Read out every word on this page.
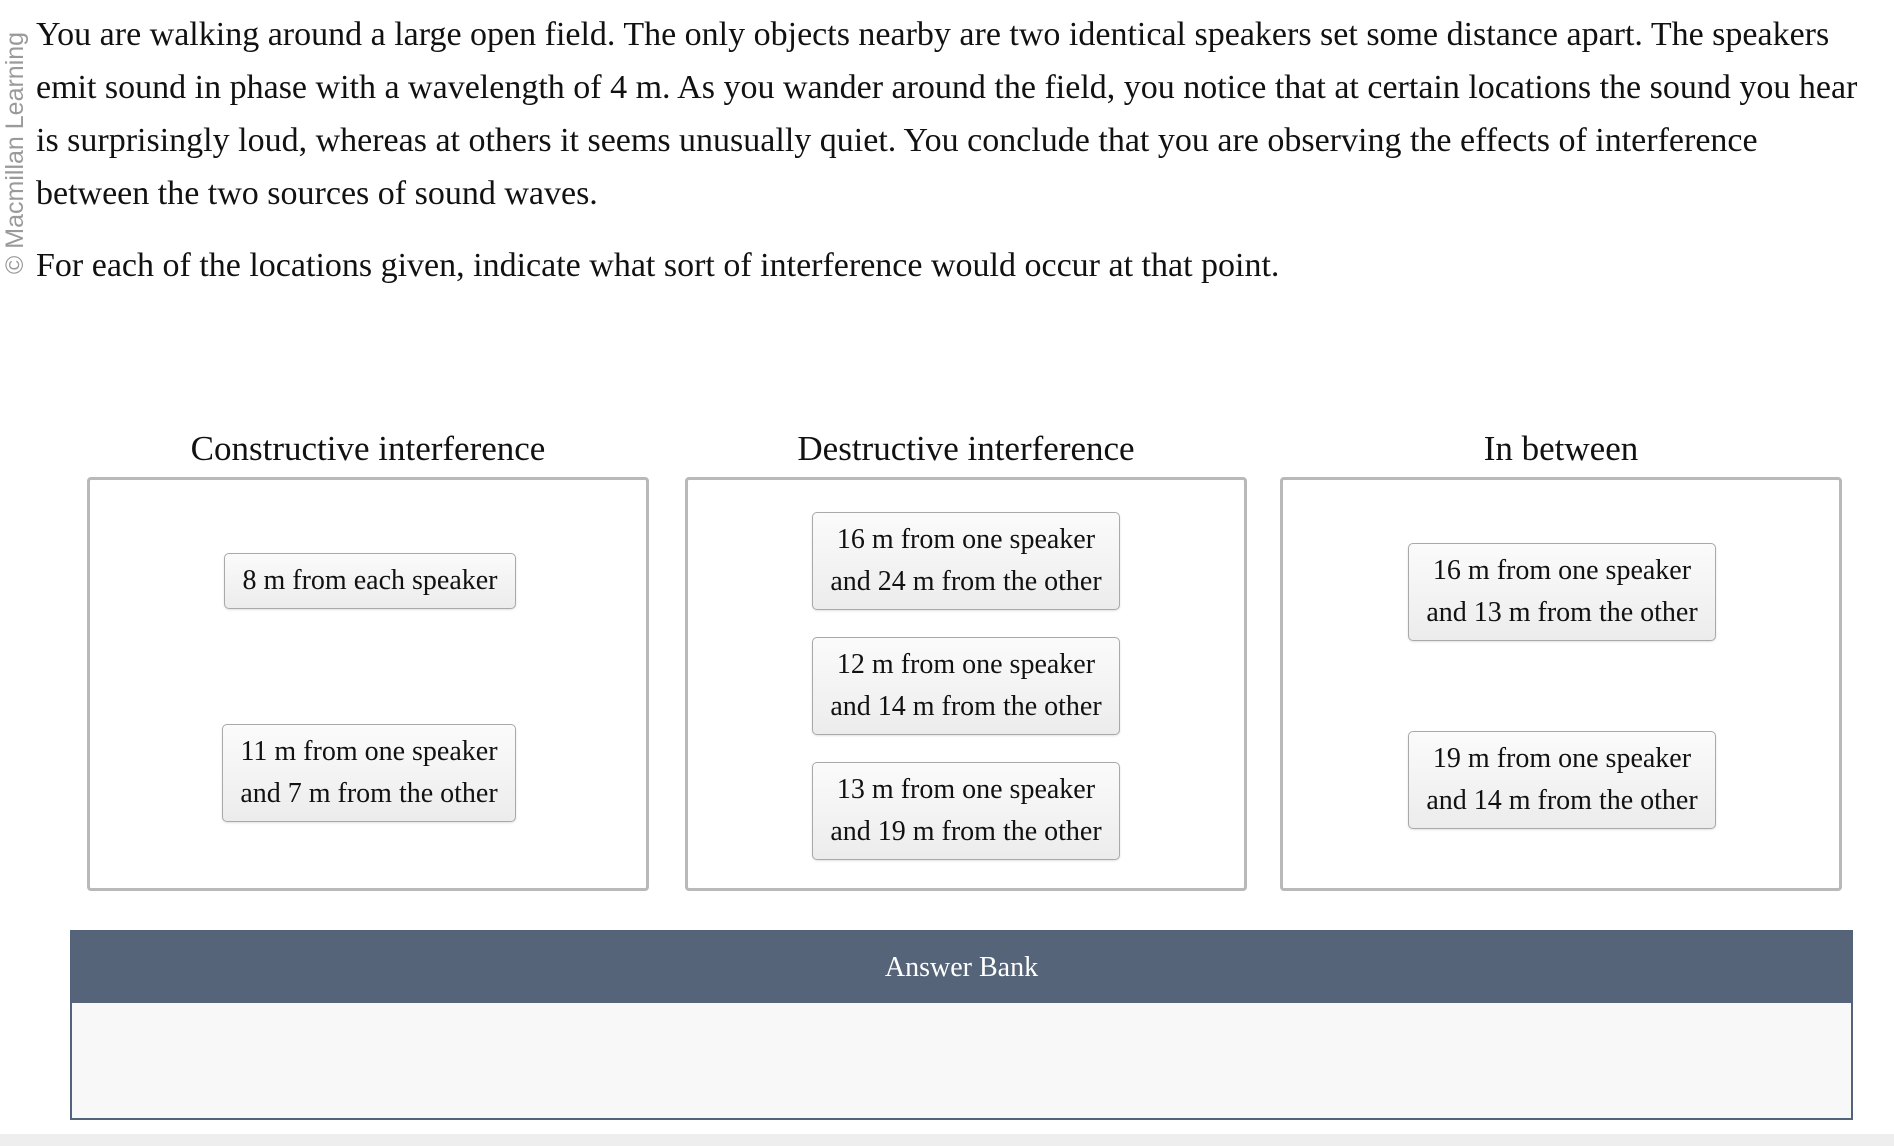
© Macmillan Learning You are walking around a large open field. The only objects nearby are two identical speakers set some distance apart. The speakers emit sound in phase with a wavelength of 4 m. As you wander around the field, you notice that at certain locations the sound you hear is surprisingly loud, whereas at others it seems unusually quiet. You conclude that you are observing the effects of interference between the two sources of sound waves.

For each of the locations given, indicate what sort of interference would occur at that point.

Constructive interference
8 m from each speaker
11 m from one speaker
and 7 m from the other
Destructive interference
16 m from one speaker
and 24 m from the other
12 m from one speaker
and 14 m from the other
13 m from one speaker
and 19 m from the other
In between
16 m from one speaker
and 13 m from the other
19 m from one speaker
and 14 m from the other
Answer Bank
